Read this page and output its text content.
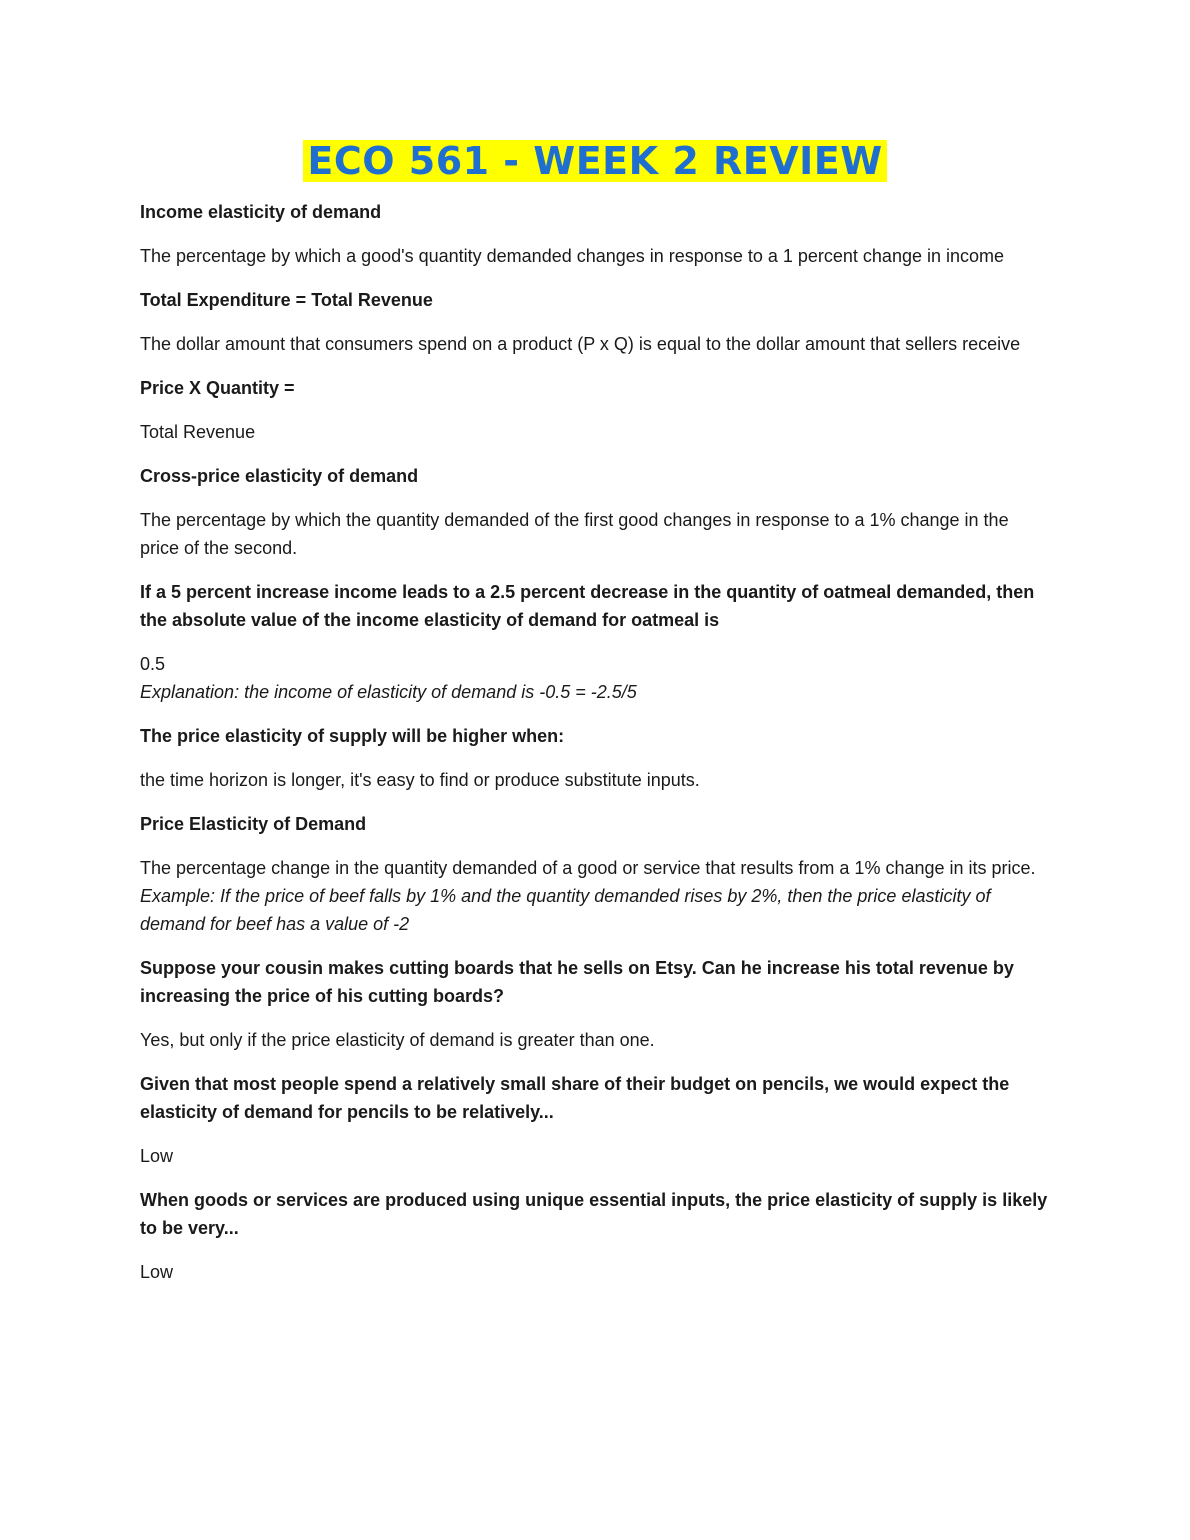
ECO 561 - WEEK 2 REVIEW

Income elasticity of demand

The percentage by which a good's quantity demanded changes in response to a 1 percent change in income

Total Expenditure = Total Revenue

The dollar amount that consumers spend on a product (P x Q) is equal to the dollar amount that sellers receive

Price X Quantity =

Total Revenue

Cross-price elasticity of demand

The percentage by which the quantity demanded of the first good changes in response to a 1% change in the price of the second.

If a 5 percent increase income leads to a 2.5 percent decrease in the quantity of oatmeal demanded, then the absolute value of the income elasticity of demand for oatmeal is

0.5

Explanation: the income of elasticity of demand is -0.5 = -2.5/5

The price elasticity of supply will be higher when:

the time horizon is longer, it's easy to find or produce substitute inputs.

Price Elasticity of Demand

The percentage change in the quantity demanded of a good or service that results from a 1% change in its price.

Example: If the price of beef falls by 1% and the quantity demanded rises by 2%, then the price elasticity of demand for beef has a value of -2

Suppose your cousin makes cutting boards that he sells on Etsy. Can he increase his total revenue by increasing the price of his cutting boards?

Yes, but only if the price elasticity of demand is greater than one.

Given that most people spend a relatively small share of their budget on pencils, we would expect the elasticity of demand for pencils to be relatively...

Low

When goods or services are produced using unique essential inputs, the price elasticity of supply is likely to be very...

Low
